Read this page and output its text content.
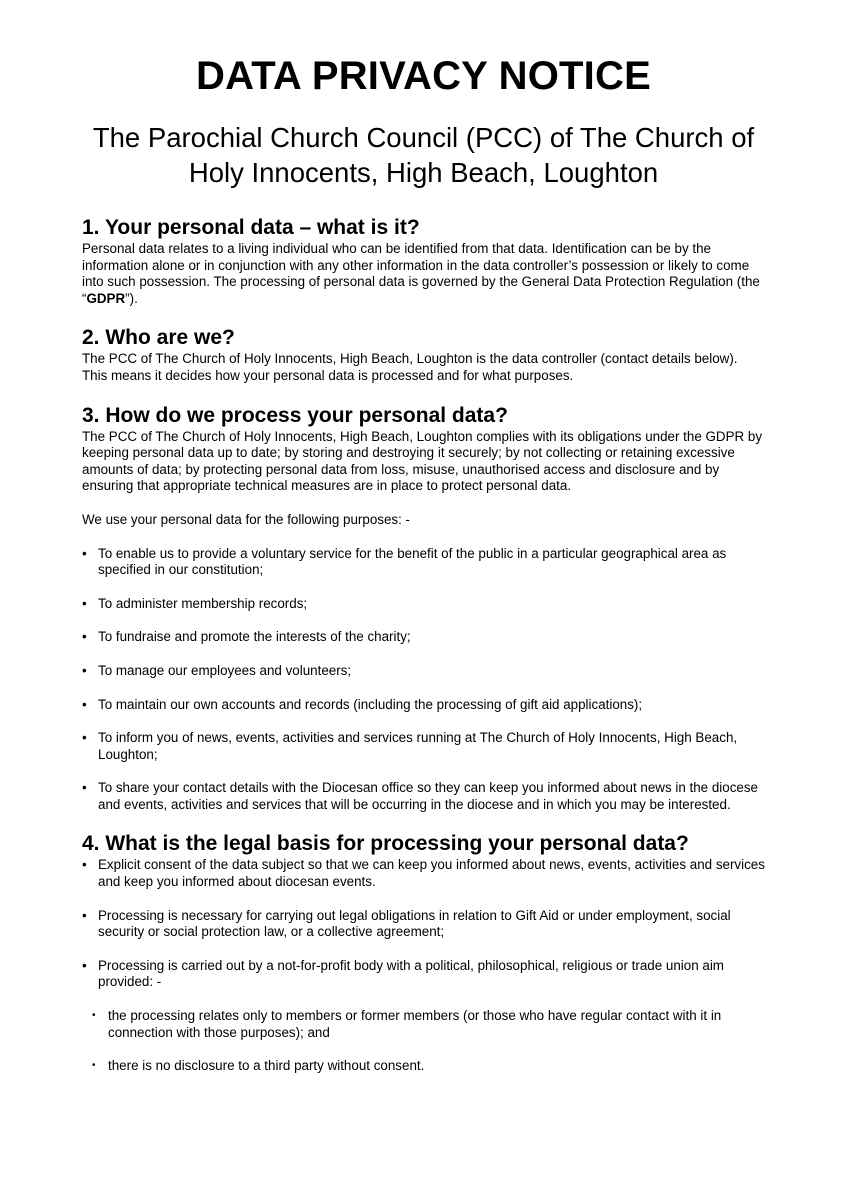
DATA PRIVACY NOTICE

The Parochial Church Council (PCC) of The Church of Holy Innocents, High Beach, Loughton

1. Your personal data – what is it?

Personal data relates to a living individual who can be identified from that data. Identification can be by the information alone or in conjunction with any other information in the data controller’s possession or likely to come into such possession. The processing of personal data is governed by the General Data Protection Regulation (the “GDPR”).

2. Who are we?

The PCC of The Church of Holy Innocents, High Beach, Loughton is the data controller (contact details below). This means it decides how your personal data is processed and for what purposes.

3. How do we process your personal data?

The PCC of The Church of Holy Innocents, High Beach, Loughton complies with its obligations under the GDPR by keeping personal data up to date; by storing and destroying it securely; by not collecting or retaining excessive amounts of data; by protecting personal data from loss, misuse, unauthorised access and disclosure and by ensuring that appropriate technical measures are in place to protect personal data.

We use your personal data for the following purposes: -

• To enable us to provide a voluntary service for the benefit of the public in a particular geographical area as specified in our constitution;
• To administer membership records;
• To fundraise and promote the interests of the charity;
• To manage our employees and volunteers;
• To maintain our own accounts and records (including the processing of gift aid applications);
• To inform you of news, events, activities and services running at The Church of Holy Innocents, High Beach, Loughton;
• To share your contact details with the Diocesan office so they can keep you informed about news in the diocese and events, activities and services that will be occurring in the diocese and in which you may be interested.
4. What is the legal basis for processing your personal data?
• Explicit consent of the data subject so that we can keep you informed about news, events, activities and services and keep you informed about diocesan events.
• Processing is necessary for carrying out legal obligations in relation to Gift Aid or under employment, social security or social protection law, or a collective agreement;
• Processing is carried out by a not-for-profit body with a political, philosophical, religious or trade union aim provided: -
• the processing relates only to members or former members (or those who have regular contact with it in connection with those purposes); and
• there is no disclosure to a third party without consent.
